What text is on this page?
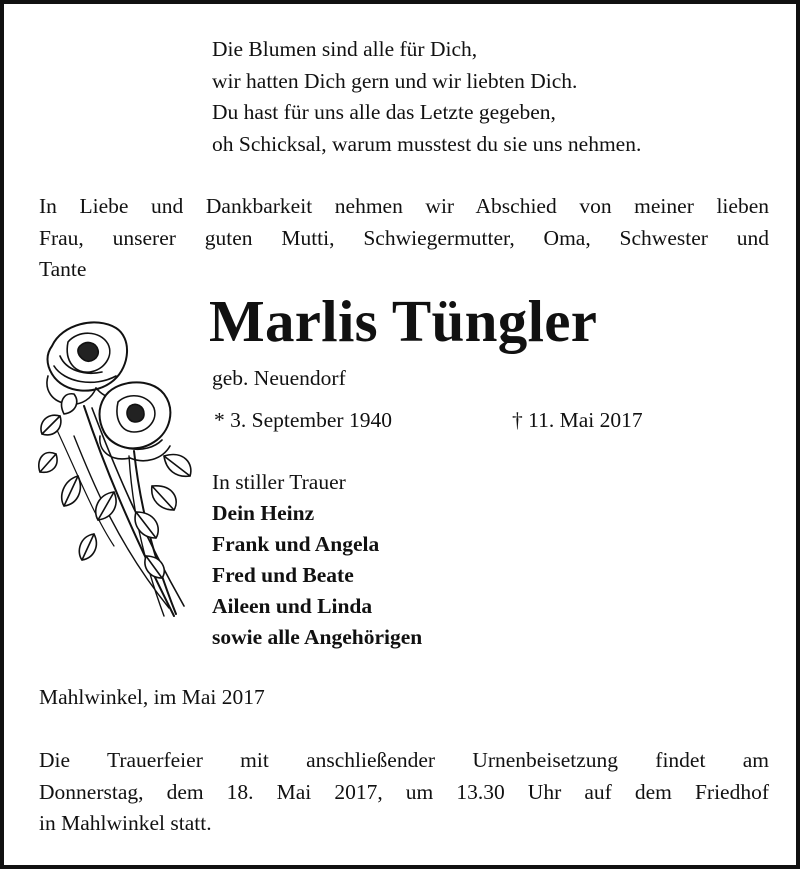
Die Blumen sind alle für Dich,
wir hatten Dich gern und wir liebten Dich.
Du hast für uns alle das Letzte gegeben,
oh Schicksal, warum musstest du sie uns nehmen.
In Liebe und Dankbarkeit nehmen wir Abschied von meiner lieben
Frau, unserer guten Mutti, Schwiegermutter, Oma, Schwester und
Tante
Marlis Tüngler
geb. Neuendorf
* 3. September 1940	† 11. Mai 2017
In stiller Trauer
Dein Heinz
Frank und Angela
Fred und Beate
Aileen und Linda
sowie alle Angehörigen
Mahlwinkel, im Mai 2017
Die Trauerfeier mit anschließender Urnenbeisetzung findet am
Donnerstag, dem 18. Mai 2017, um 13.30 Uhr auf dem Friedhof
in Mahlwinkel statt.
